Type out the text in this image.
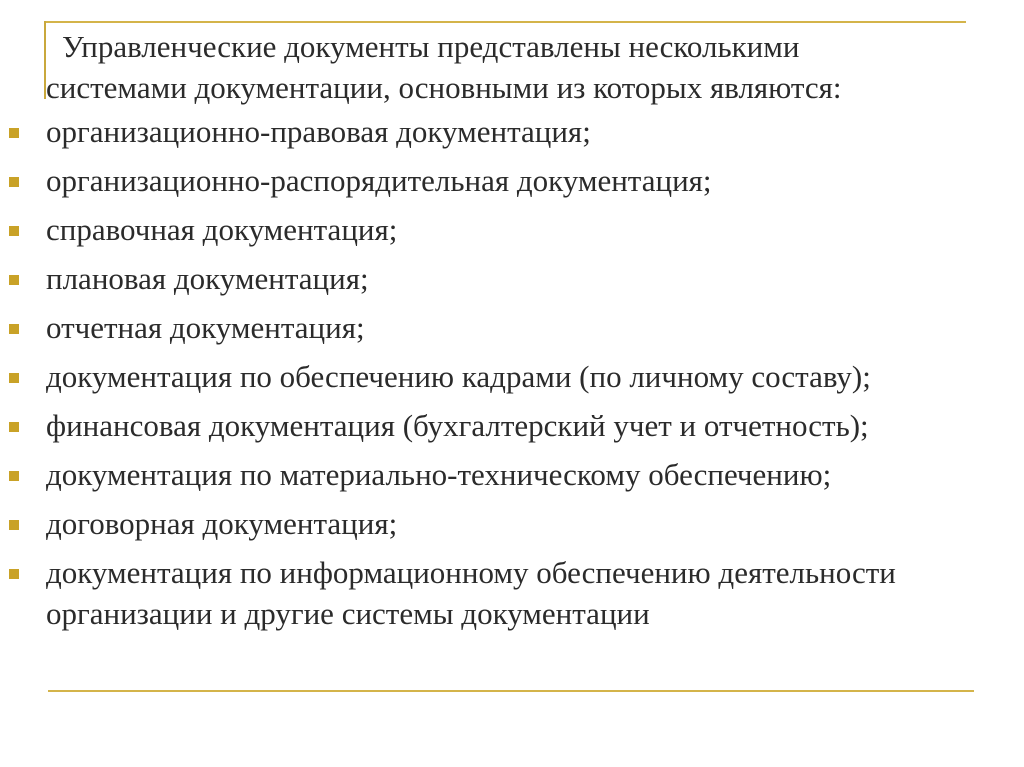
Управленческие документы представлены несколькими
системами документации, основными из которых являются:
организационно-правовая документация;
организационно-распорядительная документация;
справочная документация;
плановая документация;
отчетная документация;
документация по обеспечению кадрами (по личному составу);
финансовая документация (бухгалтерский учет и отчетность);
документация по материально-техническому обеспечению;
договорная документация;
документация по информационному обеспечению деятельности
организации и другие системы документации
